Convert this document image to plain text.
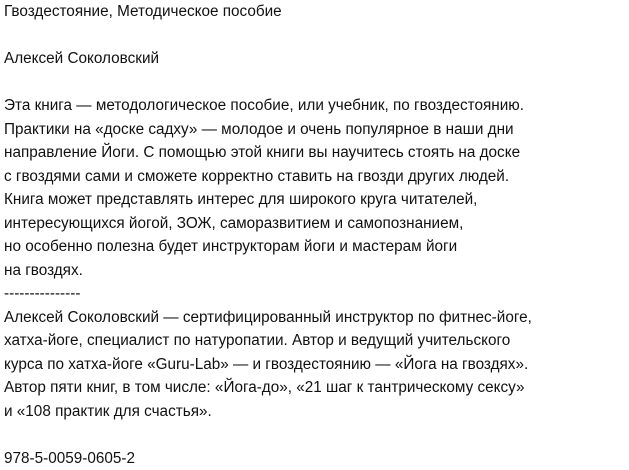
Гвоздестояние, Методическое пособие
Алексей Соколовский
Эта книга — методологическое пособие, или учебник, по гвоздестоянию.
Практики на «доске садху» — молодое и очень популярное в наши дни
направление Йоги. С помощью этой книги вы научитесь стоять на доске
с гвоздями сами и сможете корректно ставить на гвозди других людей.
Книга может представлять интерес для широкого круга читателей,
интересующихся йогой, ЗОЖ, саморазвитием и самопознанием,
но особенно полезна будет инструкторам йоги и мастерам йоги
на гвоздях.
---------------
Алексей Соколовский — сертифицированный инструктор по фитнес-йоге,
хатха-йоге, специалист по натуропатии. Автор и ведущий учительского
курса по хатха-йоге «Guru-Lab» — и гвоздестоянию — «Йога на гвоздях».
Автор пяти книг, в том числе: «Йога-до», «21 шаг к тантрическому сексу»
и «108 практик для счастья».
978-5-0059-0605-2
